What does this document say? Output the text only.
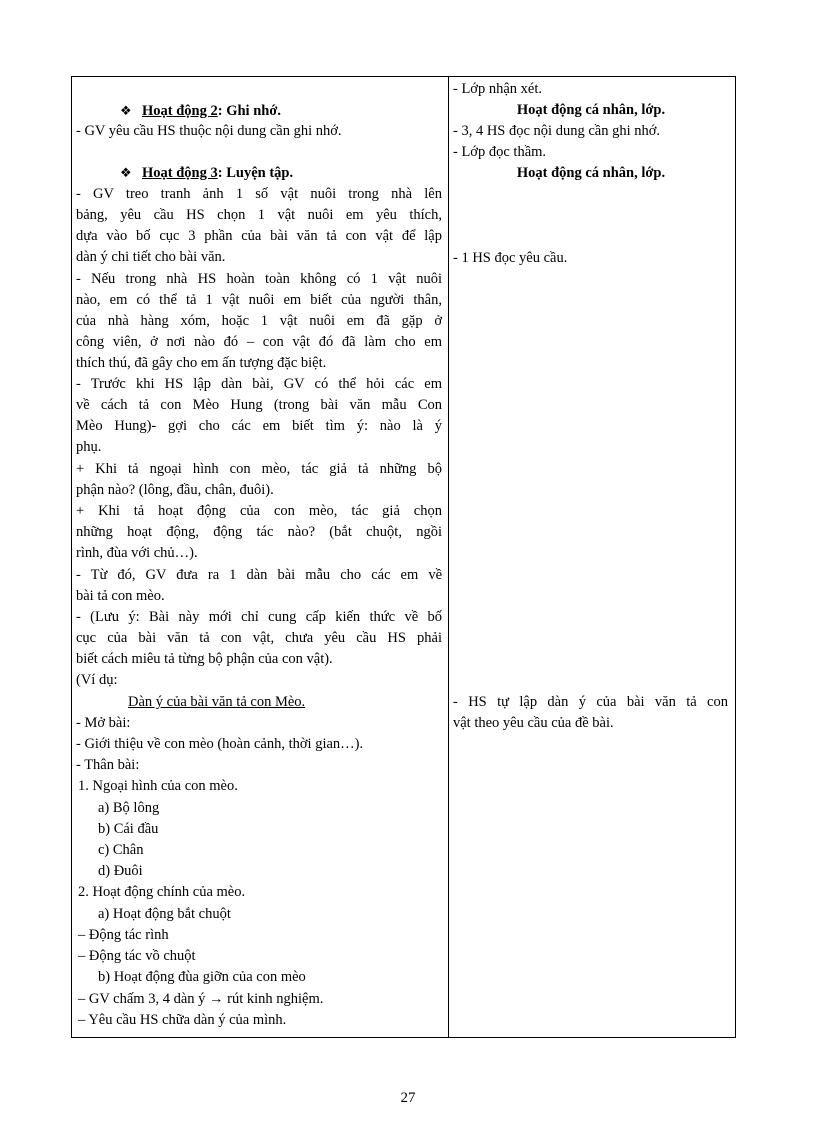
❖ Hoạt động 2: Ghi nhớ.
- GV yêu cầu HS thuộc nội dung cần ghi nhớ.
❖ Hoạt động 3: Luyện tập.
- GV treo tranh ảnh 1 số vật nuôi trong nhà lên
bảng, yêu cầu HS chọn 1 vật nuôi em yêu thích,
dựa vào bố cục 3 phần của bài văn tả con vật để lập
dàn ý chi tiết cho bài văn.
- Nếu trong nhà HS hoàn toàn không có 1 vật nuôi
nào, em có thể tả 1 vật nuôi em biết của người thân,
của nhà hàng xóm, hoặc 1 vật nuôi em đã gặp ở
công viên, ở nơi nào đó – con vật đó đã làm cho em
thích thú, đã gây cho em ấn tượng đặc biệt.
- Trước khi HS lập dàn bài, GV có thể hỏi các em
về cách tả con Mèo Hung (trong bài văn mẫu Con
Mèo Hung)- gợi cho các em biết tìm ý: nào là ý
phụ.
+ Khi tả ngoại hình con mèo, tác giả tả những bộ
phận nào? (lông, đầu, chân, đuôi).
+ Khi tả hoạt động của con mèo, tác giả chọn
những hoạt động, động tác nào? (bắt chuột, ngồi
rình, đùa với chủ…).
- Từ đó, GV đưa ra 1 dàn bài mẫu cho các em về
bài tả con mèo.
- (Lưu ý: Bài này mới chỉ cung cấp kiến thức về bố
cục của bài văn tả con vật, chưa yêu cầu HS phải
biết cách miêu tả từng bộ phận của con vật).
(Ví dụ:
Dàn ý của bài văn tả con Mèo.
- Mở bài:
- Giới thiệu về con mèo (hoàn cảnh, thời gian…).
- Thân bài:
1. Ngoại hình của con mèo.
a) Bộ lông
b) Cái đầu
c) Chân
d) Đuôi
2. Hoạt động chính của mèo.
a) Hoạt động bắt chuột
– Động tác rình
– Động tác vồ chuột
b) Hoạt động đùa giỡn của con mèo
– GV chấm 3, 4 dàn ý → rút kinh nghiệm.
– Yêu cầu HS chữa dàn ý của mình.
- Lớp nhận xét.
Hoạt động cá nhân, lớp.
- 3, 4 HS đọc nội dung cần ghi nhớ.
- Lớp đọc thầm.
Hoạt động cá nhân, lớp.
- 1 HS đọc yêu cầu.
- HS tự lập dàn ý của bài văn tả con
vật theo yêu cầu của đề bài.
27
